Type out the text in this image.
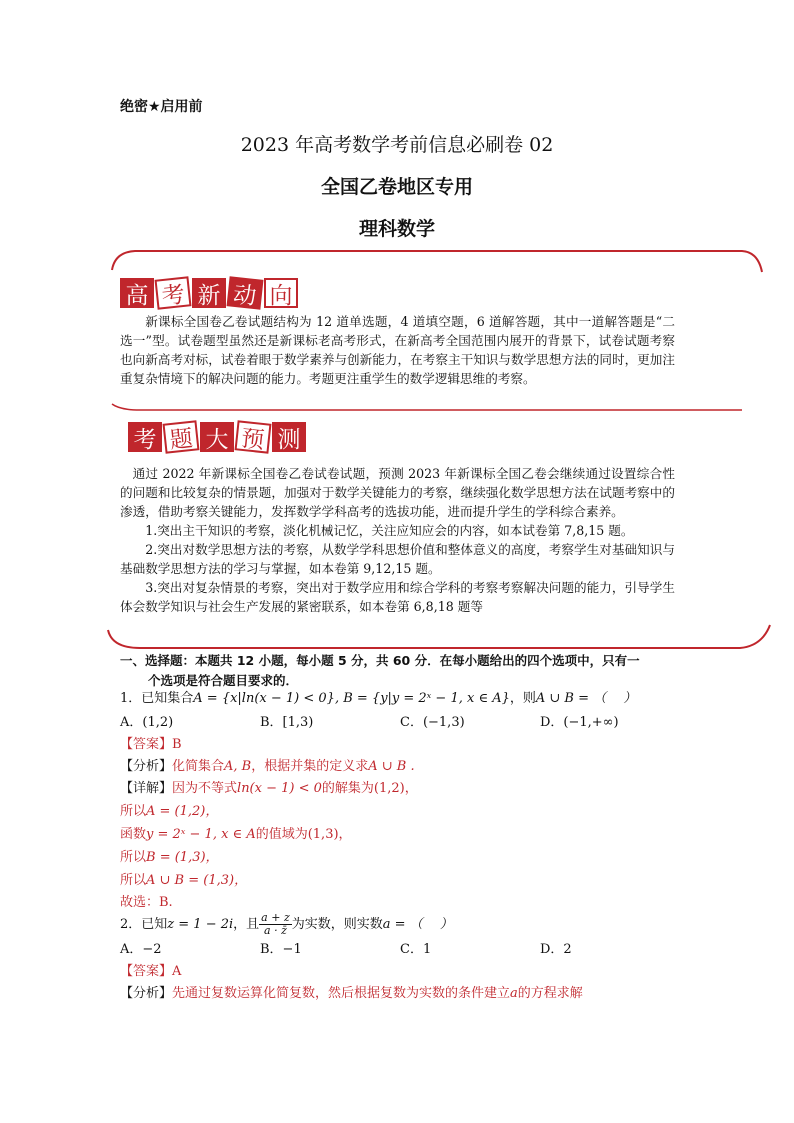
绝密★启用前
2023 年高考数学考前信息必刷卷 02
全国乙卷地区专用
理科数学
高 考 新 动 向

新课标全国卷乙卷试题结构为 12 道单选题，4 道填空题，6 道解答题，其中一道解答题是“二选一”型。试卷题型虽然还是新课标老高考形式，在新高考全国范围内展开的背景下，试卷试题考察也向新高考对标，试卷着眼于数学素养与创新能力，在考察主干知识与数学思想方法的同时，更加注重复杂情境下的解决问题的能力。考题更注重学生的数学逻辑思维的考察。

考 题 大 预 测

通过 2022 年新课标全国卷乙卷试卷试题，预测 2023 年新课标全国乙卷会继续通过设置综合性的问题和比较复杂的情景题，加强对于数学关键能力的考察，继续强化数学思想方法在试题考察中的渗透，借助考察关键能力，发挥数学学科高考的选拔功能，进而提升学生的学科综合素养。

1.突出主干知识的考察，淡化机械记忆，关注应知应会的内容，如本试卷第 7,8,15 题。

2.突出对数学思想方法的考察，从数学学科思想价值和整体意义的高度，考察学生对基础知识与基础数学思想方法的学习与掌握，如本卷第 9,12,15 题。

3.突出对复杂情景的考察，突出对于数学应用和综合学科的考察考察解决问题的能力，引导学生体会数学知识与社会生产发展的紧密联系，如本卷第 6,8,18 题等

一、选择题：本题共 12 小题，每小题 5 分，共 60 分．在每小题给出的四个选项中，只有一
个选项是符合题目要求的．
1．已知集合A = {x|ln(x − 1) < 0}, B = {y|y = 2ˣ − 1, x ∈ A}，则A ∪ B = （　 ）
A．(1,2)	B．[1,3)	C．(−1,3)	D．(−1,+∞)
【答案】B
【分析】化简集合A, B，根据并集的定义求A ∪ B .
【详解】因为不等式ln(x − 1) < 0的解集为(1,2)，
所以A = (1,2)，
函数y = 2ˣ − 1, x ∈ A的值域为(1,3)，
所以B = (1,3)，
所以A ∪ B = (1,3)，
故选：B.
2．已知z = 1 − 2i，且 $\frac{a + z}{a \cdot z̄}$ 为实数，则实数a = （　 ）
A．−2	B．−1	C．1	D．2
【答案】A
【分析】先通过复数运算化简复数，然后根据复数为实数的条件建立a的方程求解
